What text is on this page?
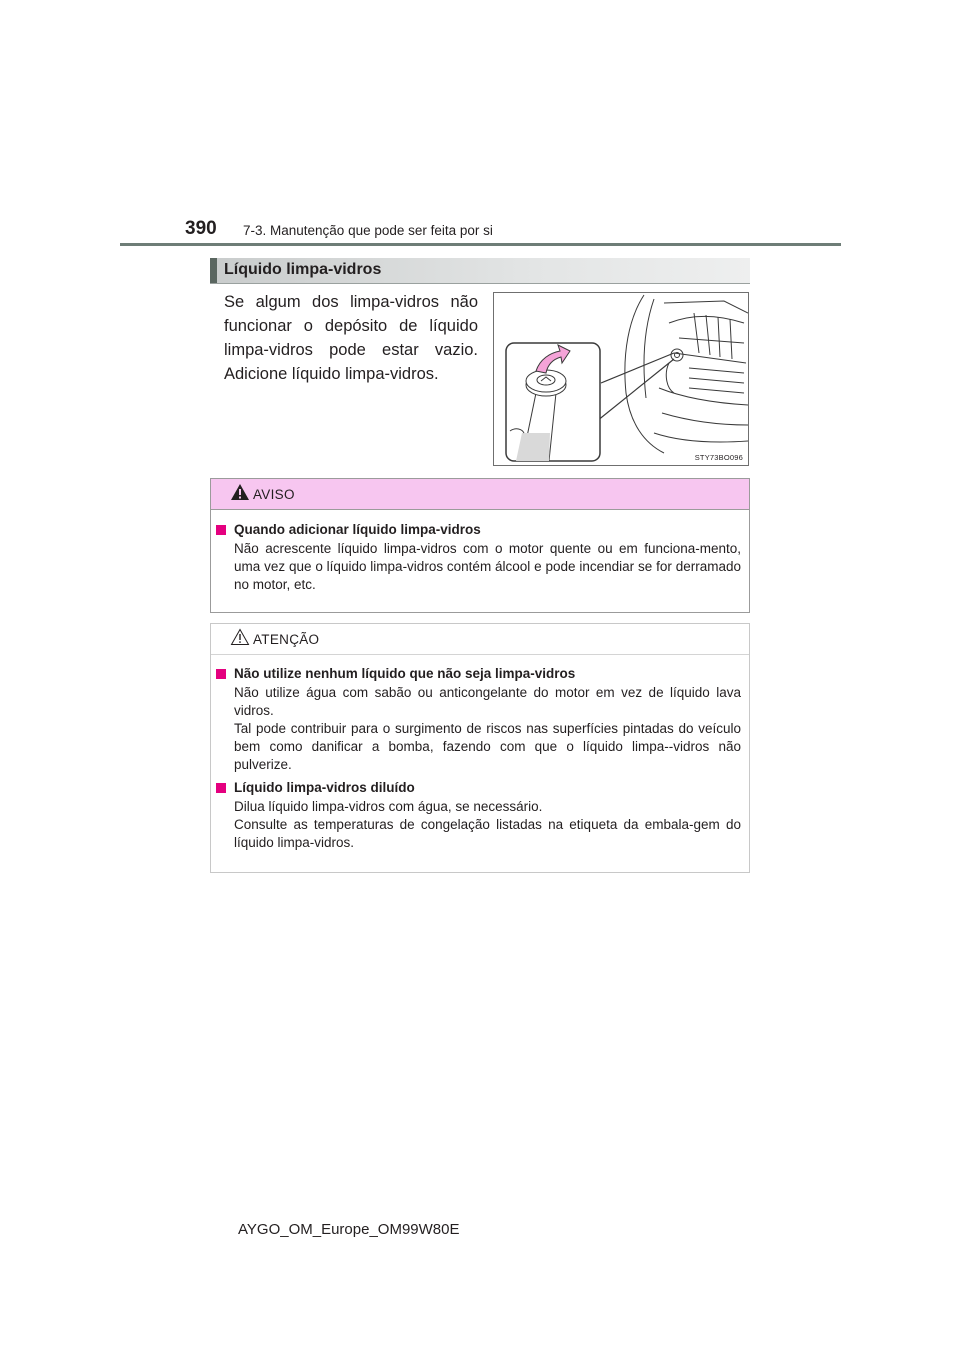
390 7-3. Manutenção que pode ser feita por si
Líquido limpa-vidros
Se algum dos limpa-vidros não
funcionar o depósito de líquido
limpa-vidros pode estar vazio.
Adicione líquido limpa-vidros.
STY73BO096
AVISO
Quando adicionar líquido limpa-vidros

Não acrescente líquido limpa-vidros com o motor quente ou em funciona-mento, uma vez que o líquido limpa-vidros contém álcool e pode incendiar se for derramado no motor, etc.

ATENÇÃO
Não utilize nenhum líquido que não seja limpa-vidros

Não utilize água com sabão ou anticongelante do motor em vez de líquido lava vidros.

Tal pode contribuir para o surgimento de riscos nas superfícies pintadas do veículo bem como danificar a bomba, fazendo com que o líquido limpa--vidros não pulverize.

Líquido limpa-vidros diluído

Dilua líquido limpa-vidros com água, se necessário.

Consulte as temperaturas de congelação listadas na etiqueta da embala-gem do líquido limpa-vidros.

AYGO_OM_Europe_OM99W80E
